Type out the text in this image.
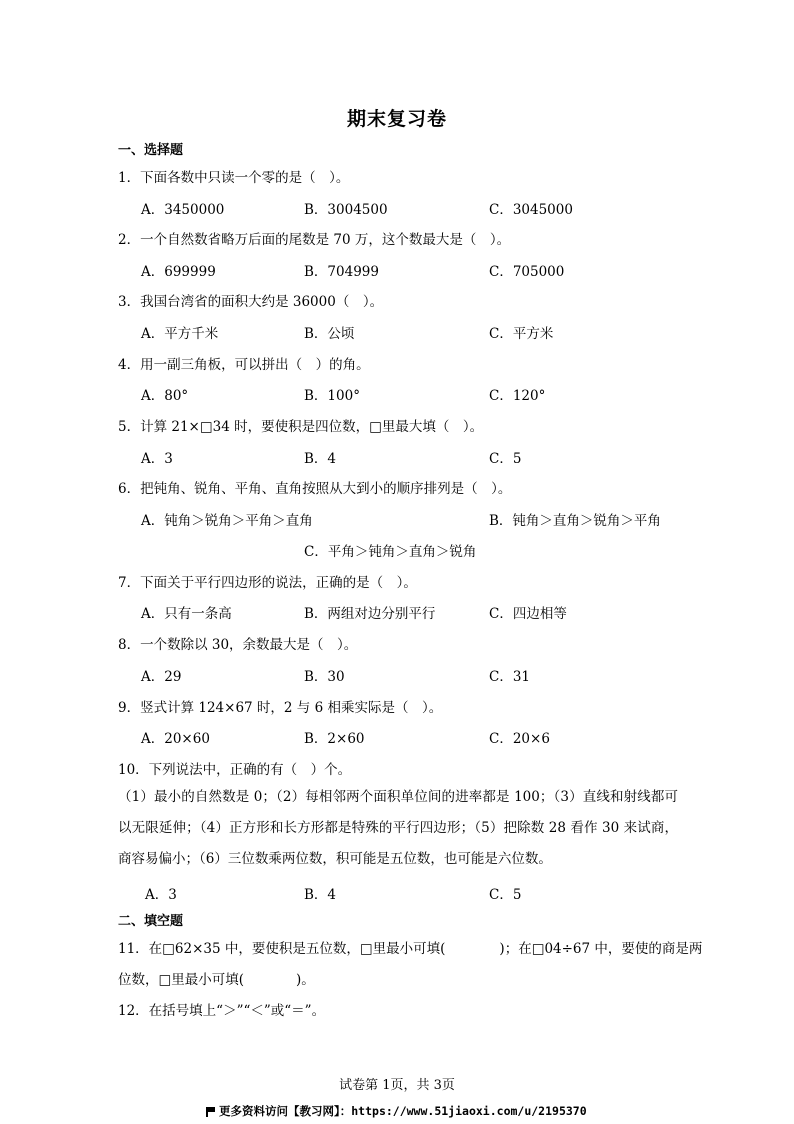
期末复习卷
一、选择题
1．下面各数中只读一个零的是（　）。
A．3450000	B．3004500	C．3045000
2．一个自然数省略万后面的尾数是 70 万，这个数最大是（　）。
A．699999	B．704999	C．705000
3．我国台湾省的面积大约是 36000（　）。
A．平方千米	B．公顷	C．平方米
4．用一副三角板，可以拼出（　）的角。
A．80°	B．100°	C．120°
5．计算 21×□34 时，要使积是四位数，□里最大填（　）。
A．3	B．4	C．5
6．把钝角、锐角、平角、直角按照从大到小的顺序排列是（　）。
A．钝角＞锐角＞平角＞直角	B．钝角＞直角＞锐角＞平角
C．平角＞钝角＞直角＞锐角
7．下面关于平行四边形的说法，正确的是（　）。
A．只有一条高	B．两组对边分别平行	C．四边相等
8．一个数除以 30，余数最大是（　）。
A．29	B．30	C．31
9．竖式计算 124×67 时，2 与 6 相乘实际是（　）。
A．20×60	B．2×60	C．20×6
10．下列说法中，正确的有（　）个。
（1）最小的自然数是 0；（2）每相邻两个面积单位间的进率都是 100；（3）直线和射线都可以无限延伸；（4）正方形和长方形都是特殊的平行四边形；（5）把除数 28 看作 30 来试商，商容易偏小；（6）三位数乘两位数，积可能是五位数，也可能是六位数。
A．3	B．4	C．5
二、填空题
11．在□62×35 中，要使积是五位数，□里最小可填(	)；在□04÷67 中，要使的商是两
位数，□里最小可填(	)。
12．在括号填上“＞”“＜”或“＝”。
试卷第 1页，共 3页
更多资料访问【教习网】：https://www.51jiaoxi.com/u/2195370
